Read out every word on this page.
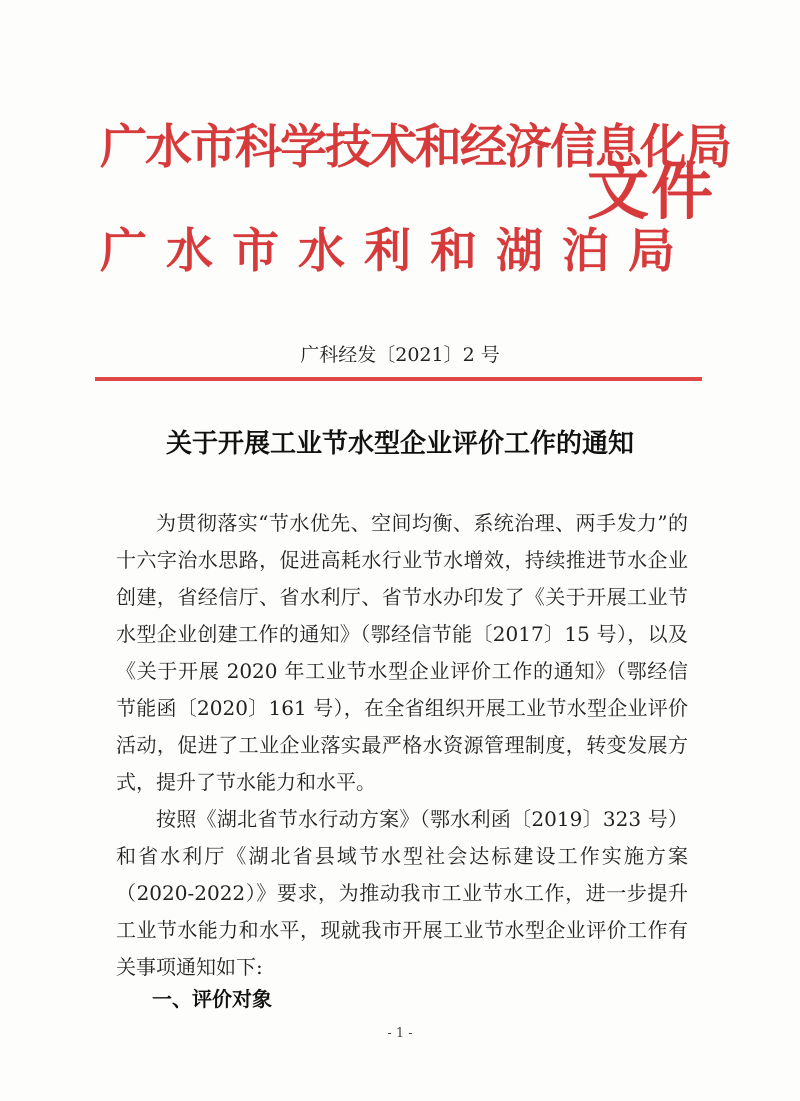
广水市科学技术和经济信息化局
广水市水利和湖泊局
文件
广科经发〔2021〕2 号
关于开展工业节水型企业评价工作的通知

为贯彻落实“节水优先、空间均衡、系统治理、两手发力”的十六字治水思路，促进高耗水行业节水增效，持续推进节水企业创建，省经信厅、省水利厅、省节水办印发了《关于开展工业节水型企业创建工作的通知》（鄂经信节能〔2017〕15 号），以及《关于开展 2020 年工业节水型企业评价工作的通知》（鄂经信节能函〔2020〕161 号），在全省组织开展工业节水型企业评价活动，促进了工业企业落实最严格水资源管理制度，转变发展方式，提升了节水能力和水平。

按照《湖北省节水行动方案》（鄂水利函〔2019〕323 号）和省水利厅《湖北省县域节水型社会达标建设工作实施方案（2020-2022）》要求，为推动我市工业节水工作，进一步提升工业节水能力和水平，现就我市开展工业节水型企业评价工作有关事项通知如下:

一、评价对象
- 1 -
